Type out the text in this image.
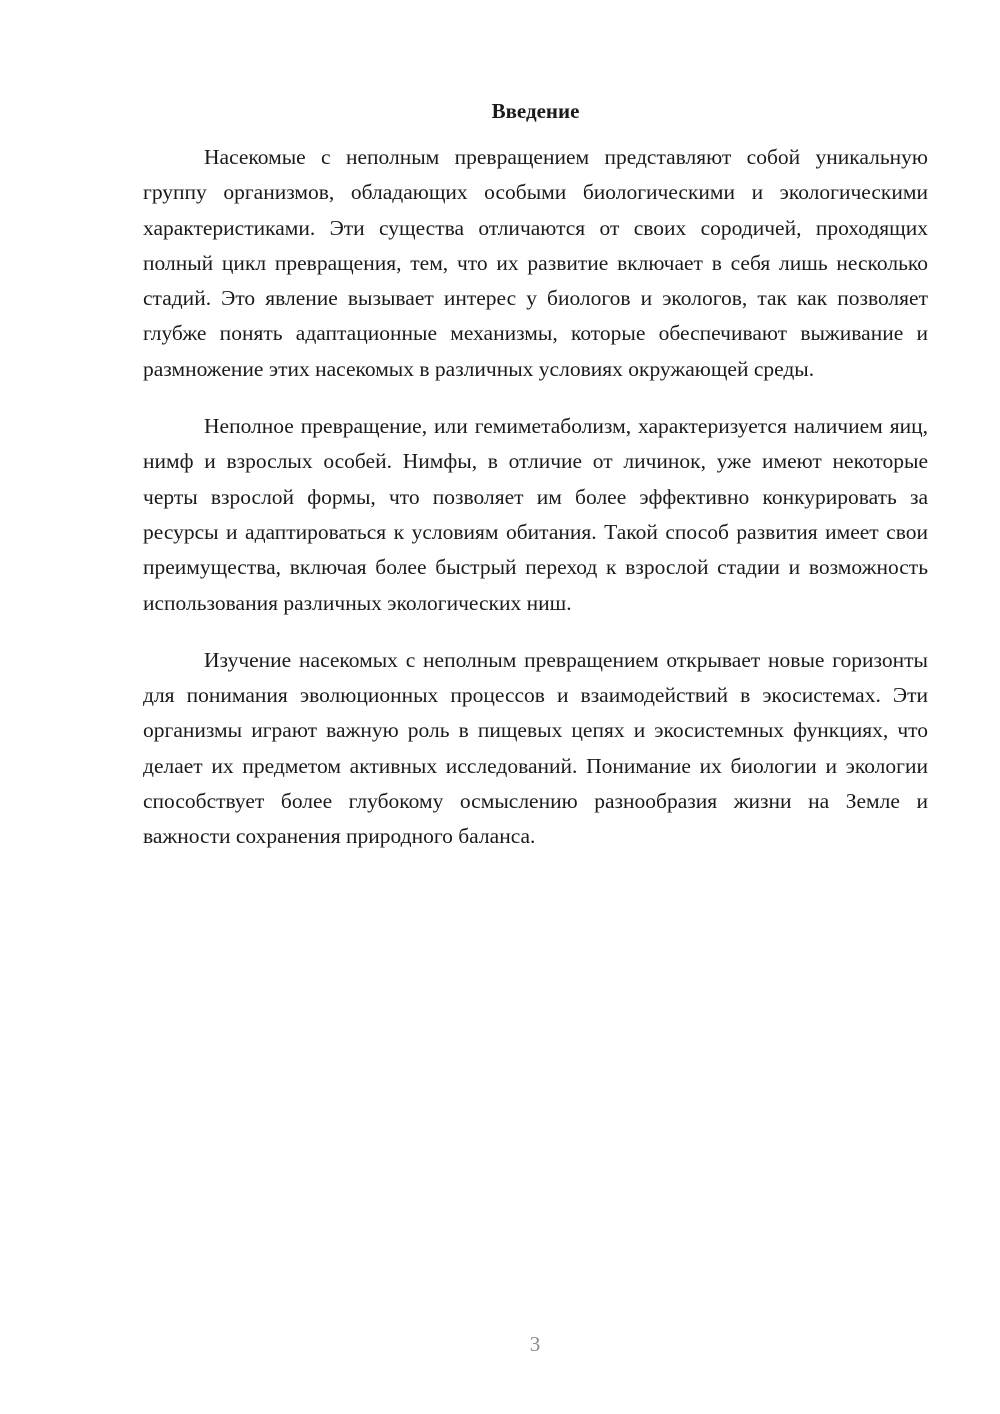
Введение

Насекомые с неполным превращением представляют собой уникальную группу организмов, обладающих особыми биологическими и экологическими характеристиками. Эти существа отличаются от своих сородичей, проходящих полный цикл превращения, тем, что их развитие включает в себя лишь несколько стадий. Это явление вызывает интерес у биологов и экологов, так как позволяет глубже понять адаптационные механизмы, которые обеспечивают выживание и размножение этих насекомых в различных условиях окружающей среды.

Неполное превращение, или гемиметаболизм, характеризуется наличием яиц, нимф и взрослых особей. Нимфы, в отличие от личинок, уже имеют некоторые черты взрослой формы, что позволяет им более эффективно конкурировать за ресурсы и адаптироваться к условиям обитания. Такой способ развития имеет свои преимущества, включая более быстрый переход к взрослой стадии и возможность использования различных экологических ниш.

Изучение насекомых с неполным превращением открывает новые горизонты для понимания эволюционных процессов и взаимодействий в экосистемах. Эти организмы играют важную роль в пищевых цепях и экосистемных функциях, что делает их предметом активных исследований. Понимание их биологии и экологии способствует более глубокому осмыслению разнообразия жизни на Земле и важности сохранения природного баланса.

3
